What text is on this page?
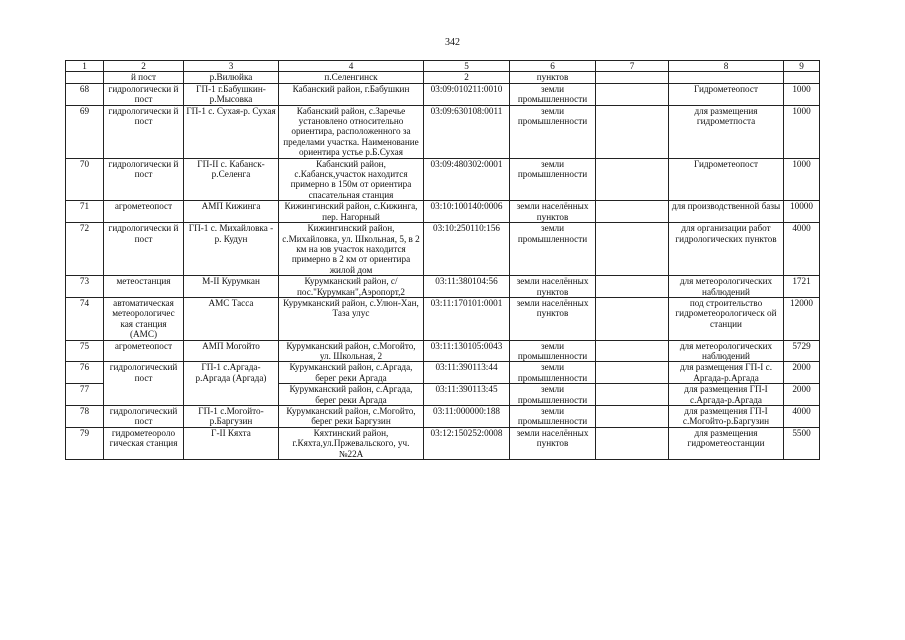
342
1	2	3	4	5	6	7	8	9
	й пост	р.Вилюйка	п.Селенгинск	2	пунктов			
68	гидрологически й пост	ГП-1 г.Бабушкин-р.Мысовка	Кабанский район, г.Бабушкин	03:09:010211:0010	земли промышленности		Гидрометеопост	1000
69	гидрологически й пост	ГП-1 с. Сухая-р. Сухая	Кабанский район, с.Заречье установлено относительно ориентира, расположенного за пределами участка. Наименование ориентира устье р.Б.Сухая	03:09:630108:0011	земли промышленности		для размещения гидрометпоста	1000
70	гидрологически й пост	ГП-II с. Кабанск-р.Селенга	Кабанский район, с.Кабанск,участок находится примерно в 150м от ориентира спасательная станция	03:09:480302:0001	земли промышленности		Гидрометеопост	1000
71	агрометеопост	АМП Кижинга	Кижингинский район, с.Кижинга, пер. Нагорный	03:10:100140:0006	земли населённых пунктов		для производственной базы	10000
72	гидрологически й пост	ГП-1 с. Михайловка - р. Кудун	Кижингинский район, с.Михайловка, ул. Школьная, 5, в 2 км на юв участок находится примерно в 2 км от ориентира жилой дом	03:10:250110:156	земли промышленности		для организации работ гидрологических пунктов	4000
73	метеостанция	М-II Курумкан	Курумканский район, с/пос."Курумкан",Аэропорт,2	03:11:380104:56	земли населённых пунктов		для метеорологических наблюдений	1721
74	автоматическая метеорологичес кая станция (АМС)	АМС Тасса	Курумканский район, с.Улюн-Хан, Таза улус	03:11:170101:0001	земли населённых пунктов		под строительство гидрометеорологическ ой станции	12000
75	агрометеопост	АМП Могойто	Курумканский район, с.Могойто, ул. Школьная, 2	03:11:130105:0043	земли промышленности		для метеорологических наблюдений	5729
76	гидрологический пост	ГП-1 с.Аргада-р.Аргада (Аргада)	Курумканский район, с.Аргада, берег реки Аргада	03:11:390113:44	земли промышленности		для размещения ГП-I с. Аргада-р.Аргада	2000
77			Курумканский район, с.Аргада, берег реки Аргада	03:11:390113:45	земли промышленности		для размещения ГП-I с.Аргада-р.Аргада	2000
78	гидрологический пост	ГП-1 с.Могойто-р.Баргузин	Курумканский район, с.Могойто, берег реки Баргузин	03:11:000000:188	земли промышленности		для размещения ГП-I с.Могойто-р.Баргузин	4000
79	гидрометеороло гическая станция	Г-II Кяхта	Кяхтинский район, г.Кяхта,ул.Пржевальского, уч.№22А	03:12:150252:0008	земли населённых пунктов		для размещения гидрометеостанции	5500
